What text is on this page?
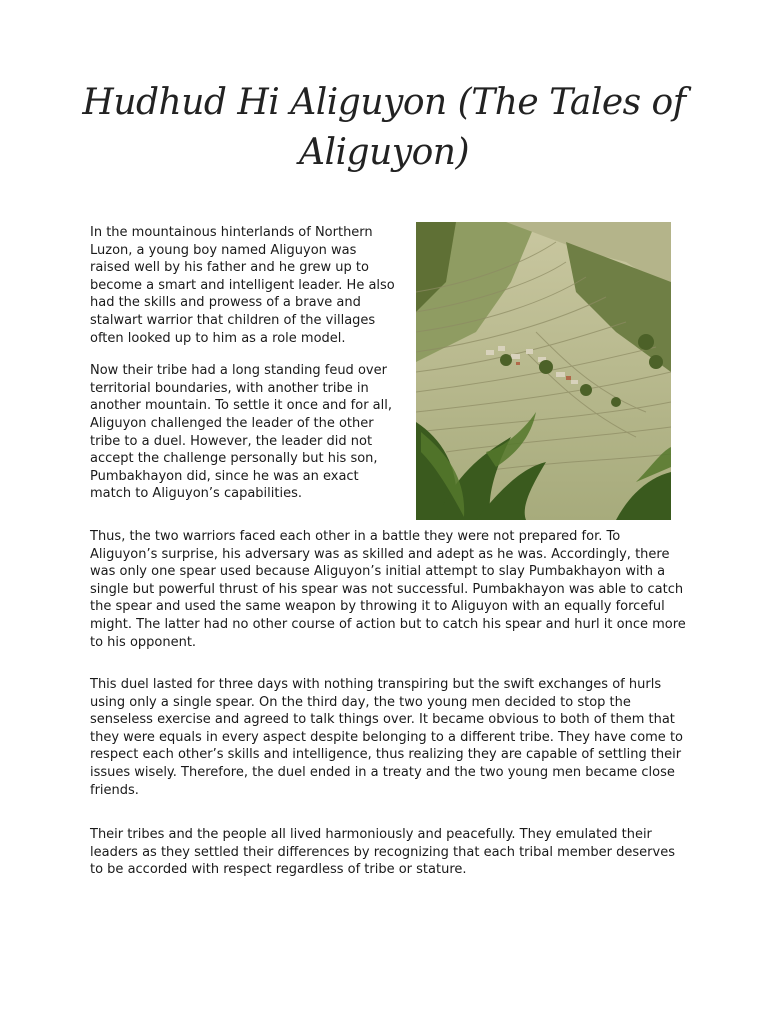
Hudhud Hi Aliguyon (The Tales of Aliguyon)

In the mountainous hinterlands of Northern Luzon, a young boy named Aliguyon was raised well by his father and he grew up to become a smart and intelligent leader. He also had the skills and prowess of a brave and stalwart warrior that children of the villages often looked up to him as a role model.

Now their tribe had a long standing feud over territorial boundaries, with another tribe in another mountain. To settle it once and for all, Aliguyon challenged the leader of the other tribe to a duel. However, the leader did not accept the challenge personally but his son, Pumbakhayon did, since he was an exact match to Aliguyon’s capabilities.

Thus, the two warriors faced each other in a battle they were not prepared for. To Aliguyon’s surprise, his adversary was as skilled and adept as he was. Accordingly, there was only one spear used because Aliguyon’s initial attempt to slay Pumbakhayon with a single but powerful thrust of his spear was not successful. Pumbakhayon was able to catch the spear and used the same weapon by throwing it to Aliguyon with an equally forceful might. The latter had no other course of action but to catch his spear and hurl it once more to his opponent.

This duel lasted for three days with nothing transpiring but the swift exchanges of hurls using only a single spear. On the third day, the two young men decided to stop the senseless exercise and agreed to talk things over. It became obvious to both of them that they were equals in every aspect despite belonging to a different tribe. They have come to respect each other’s skills and intelligence, thus realizing they are capable of settling their issues wisely. Therefore, the duel ended in a treaty and the two young men became close friends.

Their tribes and the people all lived harmoniously and peacefully. They emulated their leaders as they settled their differences by recognizing that each tribal member deserves to be accorded with respect regardless of tribe or stature.
